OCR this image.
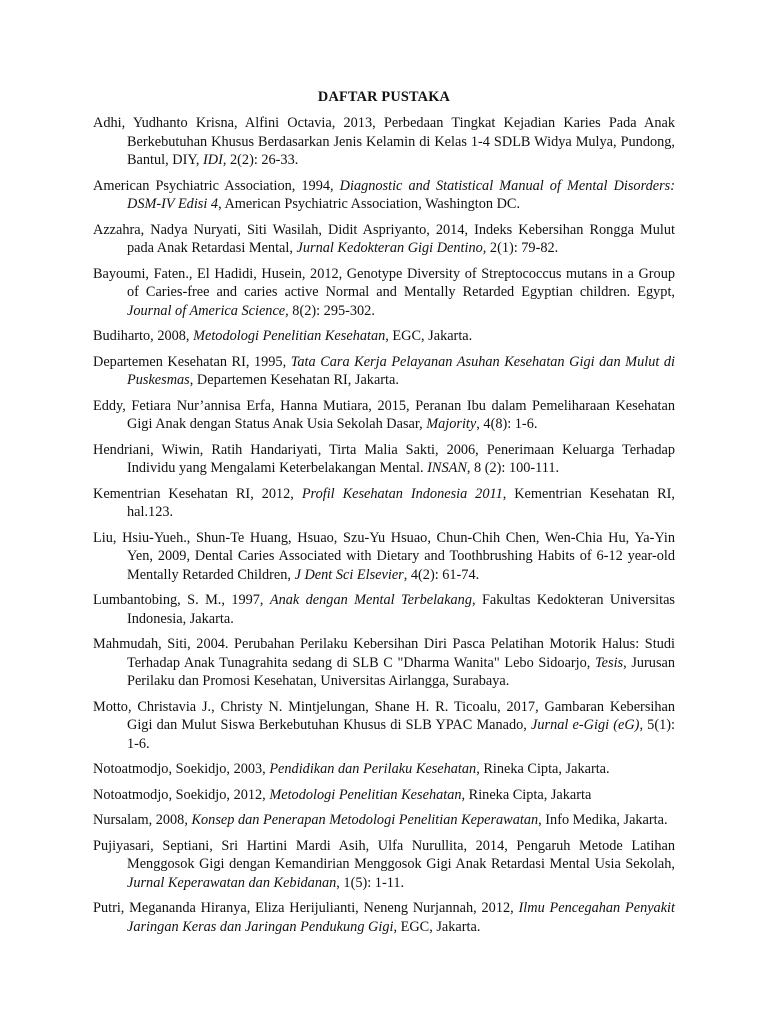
DAFTAR PUSTAKA

Adhi, Yudhanto Krisna, Alfini Octavia, 2013, Perbedaan Tingkat Kejadian Karies Pada Anak Berkebutuhan Khusus Berdasarkan Jenis Kelamin di Kelas 1-4 SDLB Widya Mulya, Pundong, Bantul, DIY, IDI, 2(2): 26-33.

American Psychiatric Association, 1994, Diagnostic and Statistical Manual of Mental Disorders: DSM-IV Edisi 4, American Psychiatric Association, Washington DC.

Azzahra, Nadya Nuryati, Siti Wasilah, Didit Aspriyanto, 2014, Indeks Kebersihan Rongga Mulut pada Anak Retardasi Mental, Jurnal Kedokteran Gigi Dentino, 2(1): 79-82.

Bayoumi, Faten., El Hadidi, Husein, 2012, Genotype Diversity of Streptococcus mutans in a Group of Caries-free and caries active Normal and Mentally Retarded Egyptian children. Egypt, Journal of America Science, 8(2): 295-302.

Budiharto, 2008, Metodologi Penelitian Kesehatan, EGC, Jakarta.

Departemen Kesehatan RI, 1995, Tata Cara Kerja Pelayanan Asuhan Kesehatan Gigi dan Mulut di Puskesmas, Departemen Kesehatan RI, Jakarta.

Eddy, Fetiara Nur’annisa Erfa, Hanna Mutiara, 2015, Peranan Ibu dalam Pemeliharaan Kesehatan Gigi Anak dengan Status Anak Usia Sekolah Dasar, Majority, 4(8): 1-6.

Hendriani, Wiwin, Ratih Handariyati, Tirta Malia Sakti, 2006, Penerimaan Keluarga Terhadap Individu yang Mengalami Keterbelakangan Mental. INSAN, 8 (2): 100-111.

Kementrian Kesehatan RI, 2012, Profil Kesehatan Indonesia 2011, Kementrian Kesehatan RI, hal.123.

Liu, Hsiu-Yueh., Shun-Te Huang, Hsuao, Szu-Yu Hsuao, Chun-Chih Chen, Wen-Chia Hu, Ya-Yin Yen, 2009, Dental Caries Associated with Dietary and Toothbrushing Habits of 6-12 year-old Mentally Retarded Children, J Dent Sci Elsevier, 4(2): 61-74.

Lumbantobing, S. M., 1997, Anak dengan Mental Terbelakang, Fakultas Kedokteran Universitas Indonesia, Jakarta.

Mahmudah, Siti, 2004. Perubahan Perilaku Kebersihan Diri Pasca Pelatihan Motorik Halus: Studi Terhadap Anak Tunagrahita sedang di SLB C "Dharma Wanita" Lebo Sidoarjo, Tesis, Jurusan Perilaku dan Promosi Kesehatan, Universitas Airlangga, Surabaya.

Motto, Christavia J., Christy N. Mintjelungan, Shane H. R. Ticoalu, 2017, Gambaran Kebersihan Gigi dan Mulut Siswa Berkebutuhan Khusus di SLB YPAC Manado, Jurnal e-Gigi (eG), 5(1): 1-6.

Notoatmodjo, Soekidjo, 2003, Pendidikan dan Perilaku Kesehatan, Rineka Cipta, Jakarta.

Notoatmodjo, Soekidjo, 2012, Metodologi Penelitian Kesehatan, Rineka Cipta, Jakarta

Nursalam, 2008, Konsep dan Penerapan Metodologi Penelitian Keperawatan, Info Medika, Jakarta.

Pujiyasari, Septiani, Sri Hartini Mardi Asih, Ulfa Nurullita, 2014, Pengaruh Metode Latihan Menggosok Gigi dengan Kemandirian Menggosok Gigi Anak Retardasi Mental Usia Sekolah, Jurnal Keperawatan dan Kebidanan, 1(5): 1-11.

Putri, Megananda Hiranya, Eliza Herijulianti, Neneng Nurjannah, 2012, Ilmu Pencegahan Penyakit Jaringan Keras dan Jaringan Pendukung Gigi, EGC, Jakarta.
